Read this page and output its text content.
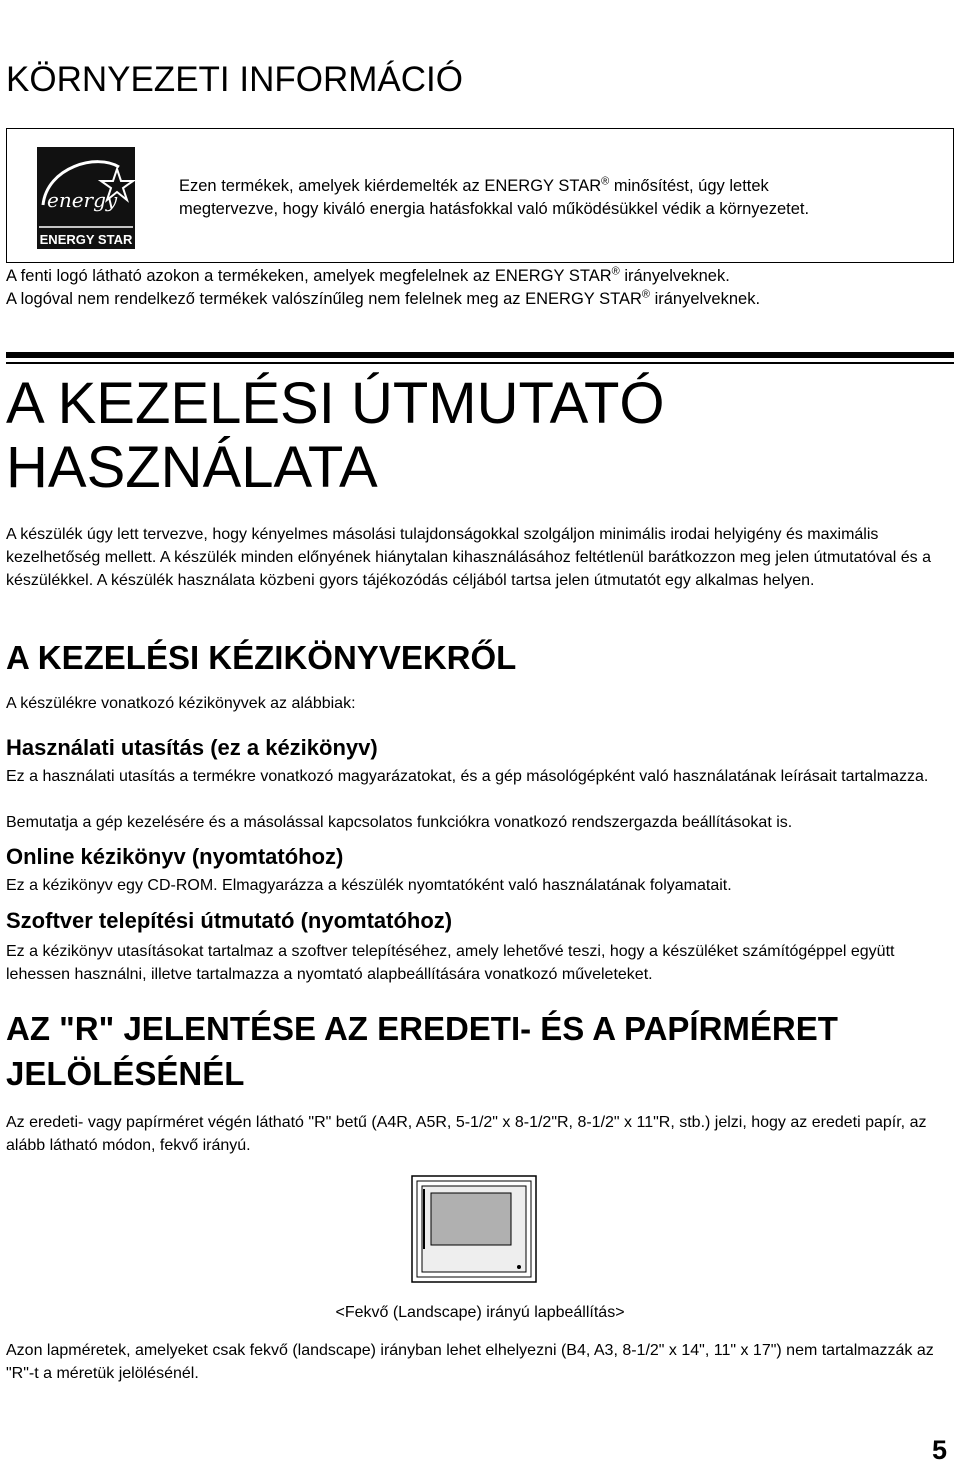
KÖRNYEZETI INFORMÁCIÓ
energy
ENERGY STAR
Ezen termékek, amelyek kiérdemelték az ENERGY STAR® minősítést, úgy lettek
megtervezve, hogy kiváló energia hatásfokkal való működésükkel védik a környezetet.
A fenti logó látható azokon a termékeken, amelyek megfelelnek az ENERGY STAR® irányelveknek.
A logóval nem rendelkező termékek valószínűleg nem felelnek meg az ENERGY STAR® irányelveknek.
A KEZELÉSI ÚTMUTATÓ
HASZNÁLATA
A készülék úgy lett tervezve, hogy kényelmes másolási tulajdonságokkal szolgáljon minimális irodai helyigény és maximális kezelhetőség mellett. A készülék minden előnyének hiánytalan kihasználásához feltétlenül barátkozzon meg jelen útmutatóval és a készülékkel. A készülék használata közbeni gyors tájékozódás céljából tartsa jelen útmutatót egy alkalmas helyen.
A KEZELÉSI KÉZIKÖNYVEKRŐL
A készülékre vonatkozó kézikönyvek az alábbiak:
Használati utasítás (ez a kézikönyv)
Ez a használati utasítás a termékre vonatkozó magyarázatokat, és a gép másológépként való használatának leírásait tartalmazza.
Bemutatja a gép kezelésére és a másolással kapcsolatos funkciókra vonatkozó rendszergazda beállításokat is.
Online kézikönyv (nyomtatóhoz)
Ez a kézikönyv egy CD-ROM. Elmagyarázza a készülék nyomtatóként való használatának folyamatait.
Szoftver telepítési útmutató (nyomtatóhoz)
Ez a kézikönyv utasításokat tartalmaz a szoftver telepítéséhez, amely lehetővé teszi, hogy a készüléket számítógéppel együtt lehessen használni, illetve tartalmazza a nyomtató alapbeállítására vonatkozó műveleteket.
AZ "R" JELENTÉSE AZ EREDETI- ÉS A PAPÍRMÉRET
JELÖLÉSÉNÉL
Az eredeti- vagy papírméret végén látható "R" betű (A4R, A5R, 5-1/2" x 8-1/2"R, 8-1/2" x 11"R, stb.) jelzi, hogy az eredeti papír, az alább látható módon, fekvő irányú.
<Fekvő (Landscape) irányú lapbeállítás>
Azon lapméretek, amelyeket csak fekvő (landscape) irányban lehet elhelyezni (B4, A3, 8-1/2" x 14", 11" x 17") nem tartalmazzák az "R"-t a méretük jelölésénél.
5
